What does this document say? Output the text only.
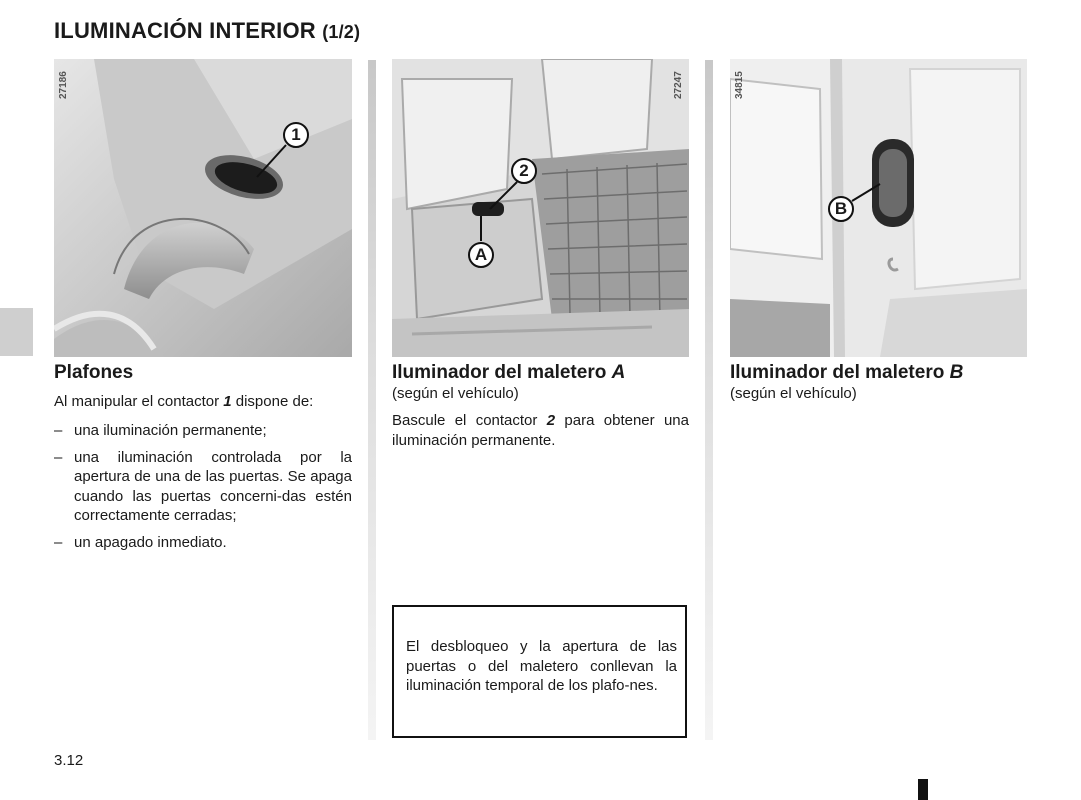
ILUMINACIÓN INTERIOR (1/2)
27186
1
27247
2
A
34815
B
Plafones
Al manipular el contactor 1 dispone de:
– una iluminación permanente;
– una iluminación controlada por la apertura de una de las puertas. Se apaga cuando las puertas concerni-das estén correctamente cerradas;
– un apagado inmediato.
Iluminador del maletero A
(según el vehículo)
Bascule el contactor 2 para obtener una iluminación permanente.
El desbloqueo y la apertura de las puertas o del maletero conllevan la iluminación temporal de los plafo-nes.
Iluminador del maletero B
(según el vehículo)
3.12
